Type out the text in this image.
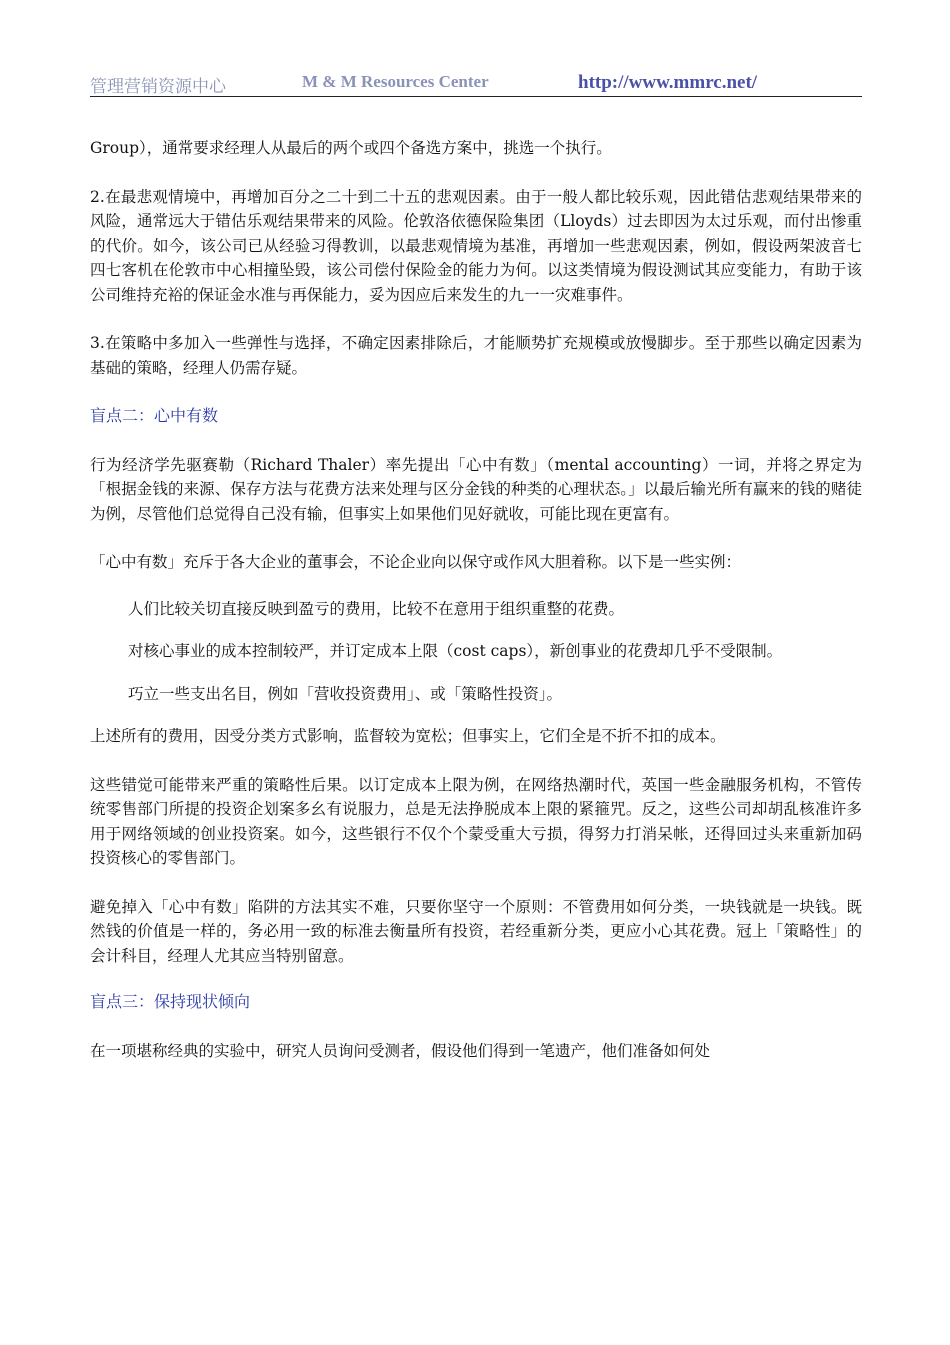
管理营销资源中心	M & M Resources Center	http://www.mmrc.net/

Group），通常要求经理人从最后的两个或四个备选方案中，挑选一个执行。

2.在最悲观情境中，再增加百分之二十到二十五的悲观因素。由于一般人都比较乐观，因此错估悲观结果带来的风险，通常远大于错估乐观结果带来的风险。伦敦洛依德保险集团（Lloyds）过去即因为太过乐观，而付出惨重的代价。如今，该公司已从经验习得教训，以最悲观情境为基准，再增加一些悲观因素，例如，假设两架波音七四七客机在伦敦市中心相撞坠毁，该公司偿付保险金的能力为何。以这类情境为假设测试其应变能力，有助于该公司维持充裕的保证金水准与再保能力，妥为因应后来发生的九一一灾难事件。

3.在策略中多加入一些弹性与选择，不确定因素排除后，才能顺势扩充规模或放慢脚步。至于那些以确定因素为基础的策略，经理人仍需存疑。

盲点二：心中有数

行为经济学先驱赛勒（Richard Thaler）率先提出「心中有数」（mental accounting）一词，并将之界定为「根据金钱的来源、保存方法与花费方法来处理与区分金钱的种类的心理状态。」以最后输光所有赢来的钱的赌徒为例，尽管他们总觉得自己没有输，但事实上如果他们见好就收，可能比现在更富有。

「心中有数」充斥于各大企业的董事会，不论企业向以保守或作风大胆着称。以下是一些实例：

人们比较关切直接反映到盈亏的费用，比较不在意用于组织重整的花费。

对核心事业的成本控制较严，并订定成本上限（cost caps），新创事业的花费却几乎不受限制。

巧立一些支出名目，例如「营收投资费用」、或「策略性投资」。

上述所有的费用，因受分类方式影响，监督较为宽松；但事实上，它们全是不折不扣的成本。

这些错觉可能带来严重的策略性后果。以订定成本上限为例，在网络热潮时代，英国一些金融服务机构，不管传统零售部门所提的投资企划案多幺有说服力，总是无法挣脱成本上限的紧箍咒。反之，这些公司却胡乱核准许多用于网络领域的创业投资案。如今，这些银行不仅个个蒙受重大亏损，得努力打消呆帐，还得回过头来重新加码投资核心的零售部门。

避免掉入「心中有数」陷阱的方法其实不难，只要你坚守一个原则：不管费用如何分类，一块钱就是一块钱。既然钱的价值是一样的，务必用一致的标准去衡量所有投资，若经重新分类，更应小心其花费。冠上「策略性」的会计科目，经理人尤其应当特别留意。

盲点三：保持现状倾向

在一项堪称经典的实验中，研究人员询问受测者，假设他们得到一笔遗产，他们准备如何处
